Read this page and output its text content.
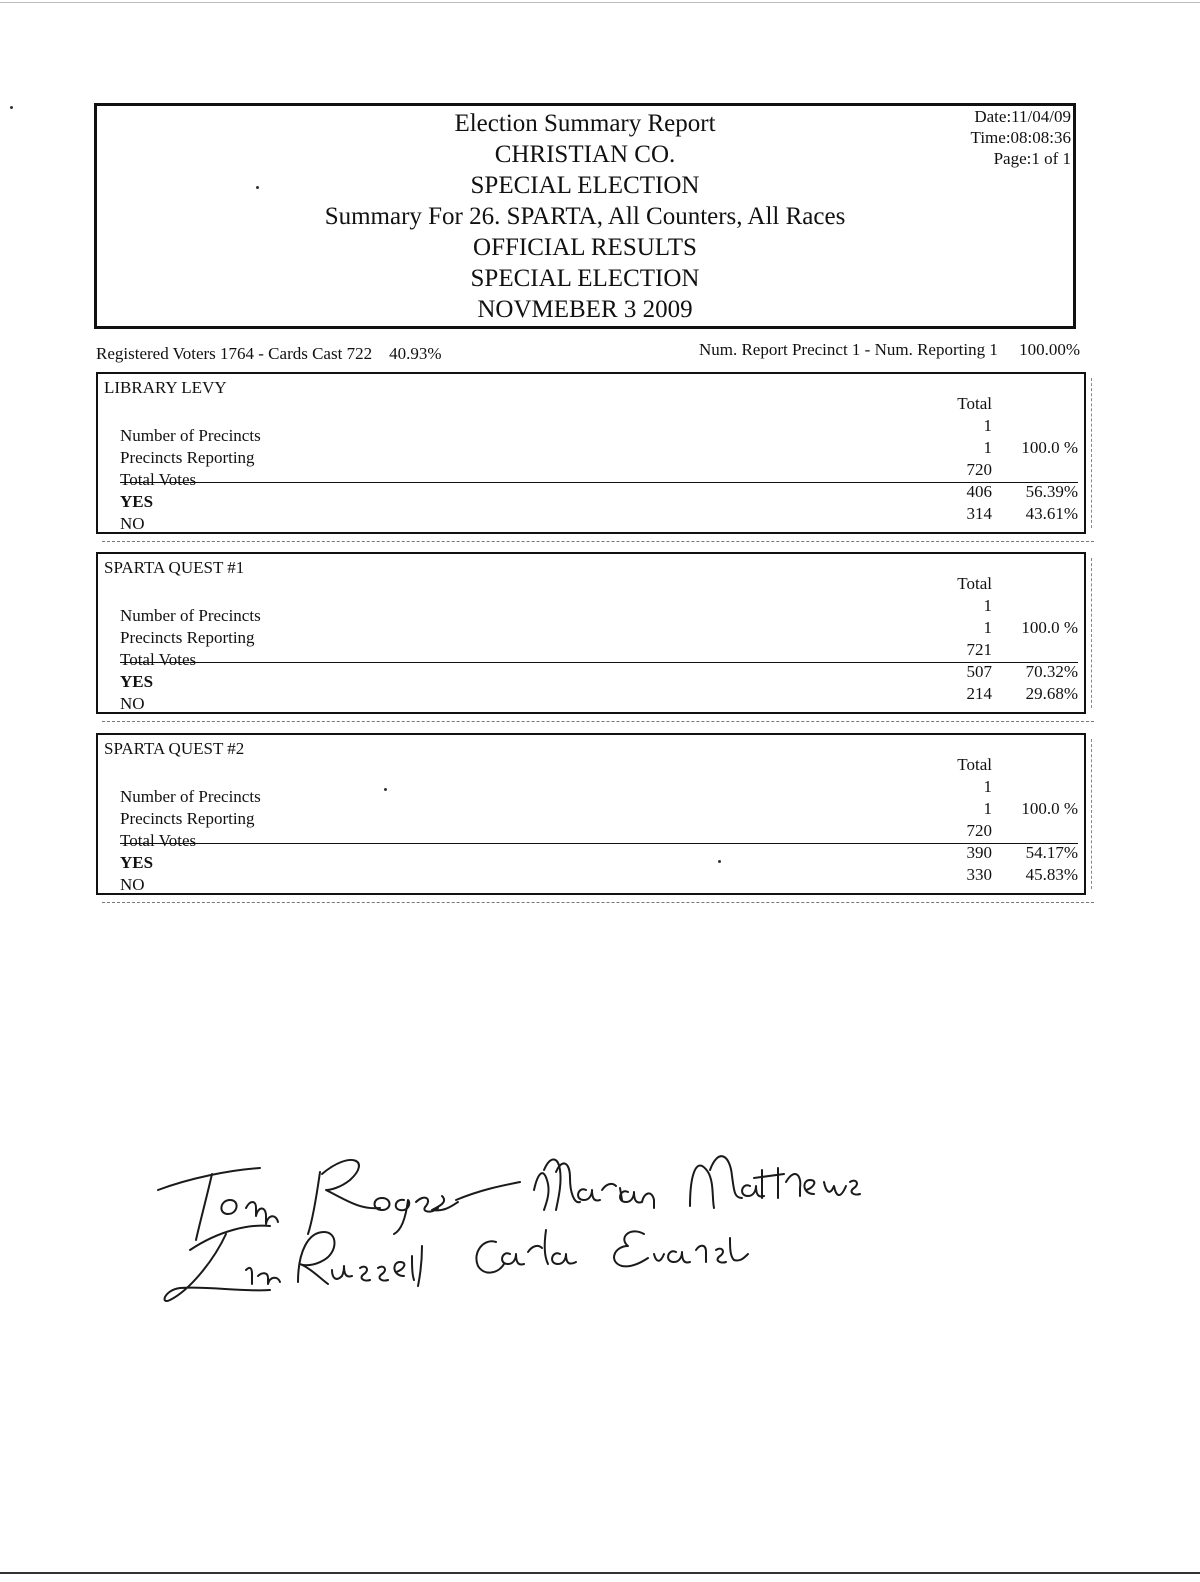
Election Summary Report
CHRISTIAN CO.
SPECIAL ELECTION
Summary For 26. SPARTA, All Counters, All Races
OFFICIAL RESULTS
SPECIAL ELECTION
NOVMEBER 3 2009
Date:11/04/09
Time:08:08:36
Page:1 of 1
Registered Voters 1764 - Cards Cast 722 40.93%	Num. Report Precinct 1 - Num. Reporting 1 100.00%
LIBRARY LEVY
Total
Number of Precincts
1
Precincts Reporting
1 100.0 %
Total Votes
720
YES
406 56.39%
NO
314 43.61%
SPARTA QUEST #1
Total
Number of Precincts
1
Precincts Reporting
1 100.0 %
Total Votes
721
YES
507 70.32%
NO
214 29.68%
SPARTA QUEST #2
Total
Number of Precincts
1
Precincts Reporting
1 100.0 %
Total Votes
720
YES
390 54.17%
NO
330 45.83%
